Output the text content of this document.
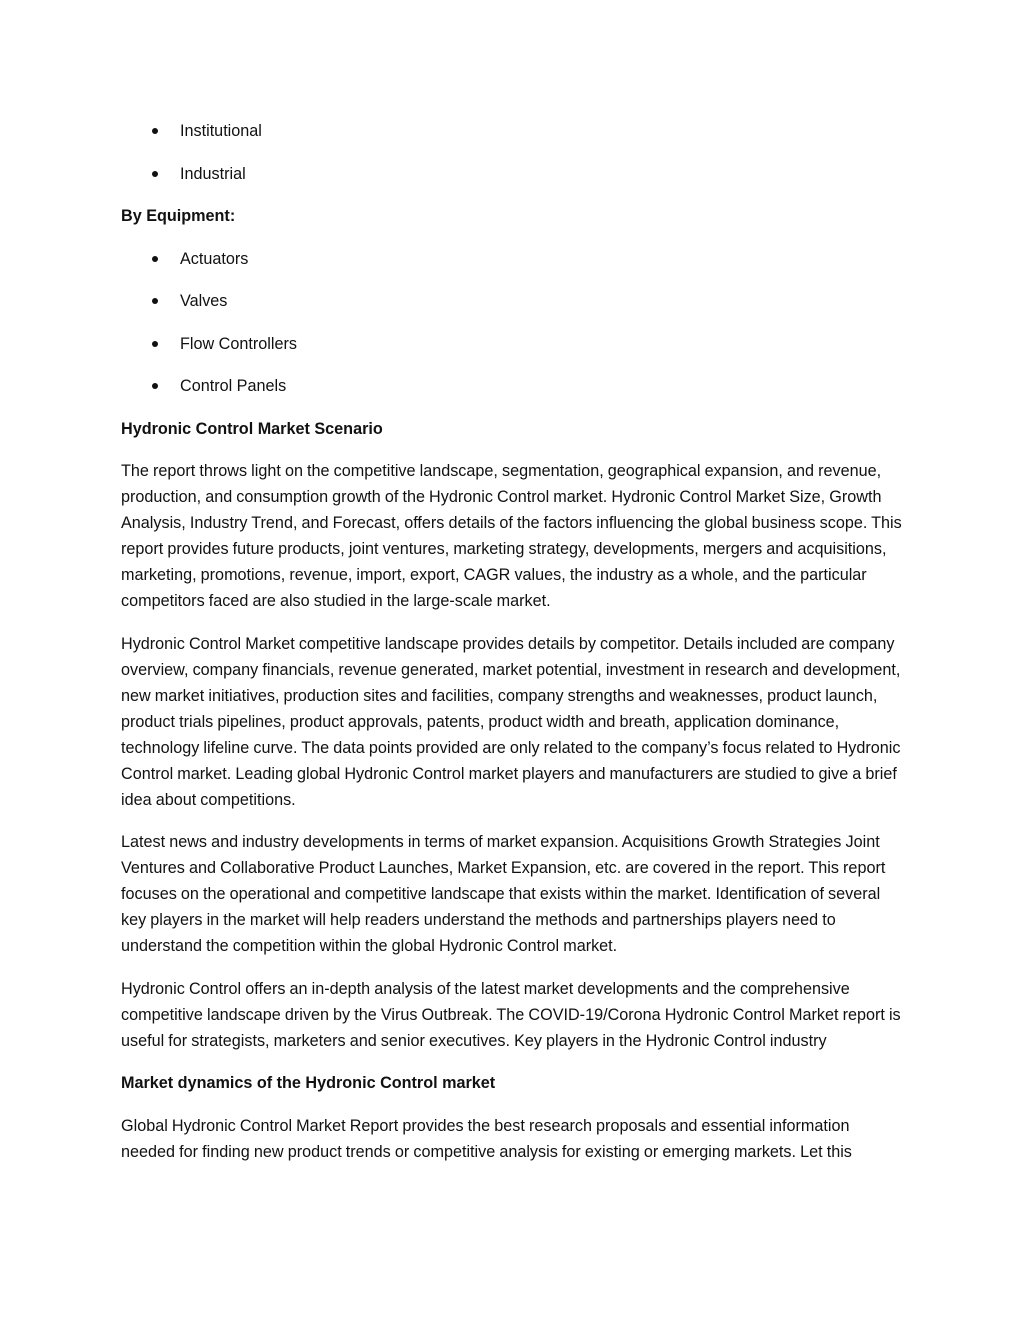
Institutional
Industrial
By Equipment:
Actuators
Valves
Flow Controllers
Control Panels
Hydronic Control Market Scenario

The report throws light on the competitive landscape, segmentation, geographical expansion, and revenue, production, and consumption growth of the Hydronic Control market. Hydronic Control Market Size, Growth Analysis, Industry Trend, and Forecast, offers details of the factors influencing the global business scope. This report provides future products, joint ventures, marketing strategy, developments, mergers and acquisitions, marketing, promotions, revenue, import, export, CAGR values, the industry as a whole, and the particular competitors faced are also studied in the large-scale market.

Hydronic Control Market competitive landscape provides details by competitor. Details included are company overview, company financials, revenue generated, market potential, investment in research and development, new market initiatives, production sites and facilities, company strengths and weaknesses, product launch, product trials pipelines, product approvals, patents, product width and breath, application dominance, technology lifeline curve. The data points provided are only related to the company’s focus related to Hydronic Control market. Leading global Hydronic Control market players and manufacturers are studied to give a brief idea about competitions.

Latest news and industry developments in terms of market expansion. Acquisitions Growth Strategies Joint Ventures and Collaborative Product Launches, Market Expansion, etc. are covered in the report. This report focuses on the operational and competitive landscape that exists within the market. Identification of several key players in the market will help readers understand the methods and partnerships players need to understand the competition within the global Hydronic Control market.

Hydronic Control offers an in-depth analysis of the latest market developments and the comprehensive competitive landscape driven by the Virus Outbreak. The COVID-19/Corona Hydronic Control Market report is useful for strategists, marketers and senior executives. Key players in the Hydronic Control industry

Market dynamics of the Hydronic Control market

Global Hydronic Control Market Report provides the best research proposals and essential information needed for finding new product trends or competitive analysis for existing or emerging markets. Let this
